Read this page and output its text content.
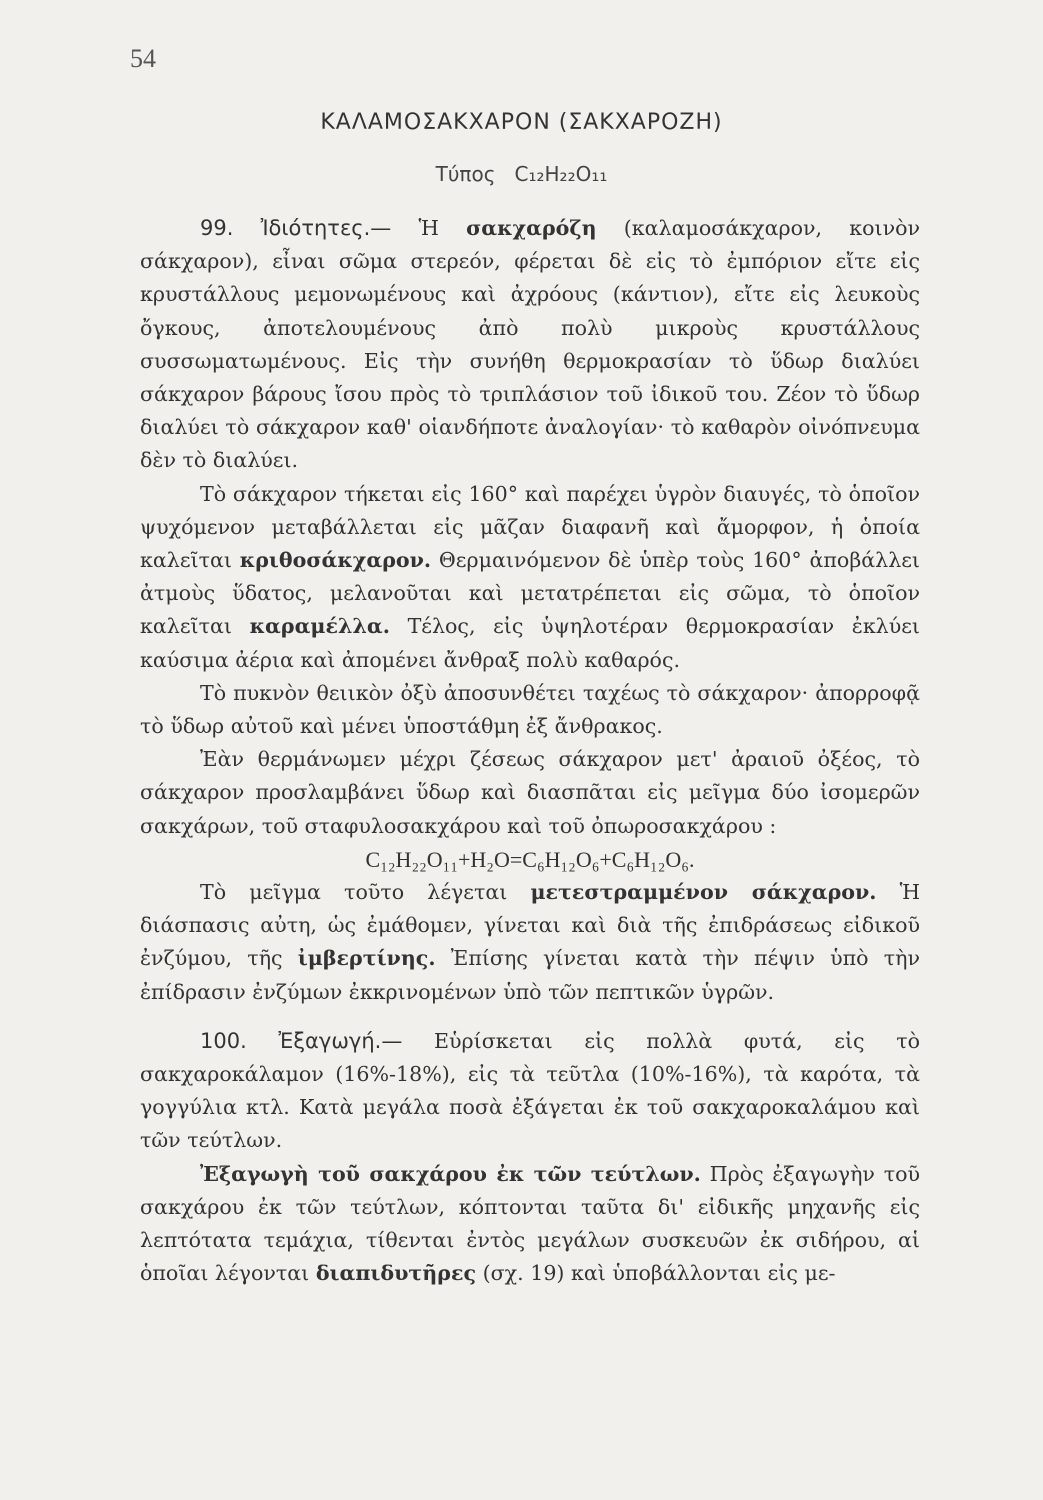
54
ΚΑΛΑΜΟΣΑΚΧΑΡΟΝ (ΣΑΚΧΑΡΟΖΗ)
Τύπος C₁₂H₂₂O₁₁

99. Ἰδιότητες.— Ἡ σακχαρόζη (καλαμοσάκχαρον, κοινὸν σάκχαρον), εἶναι σῶμα στερεόν, φέρεται δὲ εἰς τὸ ἐμπόριον εἴτε εἰς κρυστάλλους μεμονωμένους καὶ ἀχρόους (κάντιον), εἴτε εἰς λευκοὺς ὄγκους, ἀποτελουμένους ἀπὸ πολὺ μικροὺς κρυστάλλους συσσωματωμένους. Εἰς τὴν συνήθη θερμοκρασίαν τὸ ὕδωρ διαλύει σάκχαρον βάρους ἴσου πρὸς τὸ τριπλάσιον τοῦ ἰδικοῦ του. Ζέον τὸ ὕδωρ διαλύει τὸ σάκχαρον καθ' οἱανδήποτε ἀναλογίαν· τὸ καθαρὸν οἰνόπνευμα δὲν τὸ διαλύει.

Τὸ σάκχαρον τήκεται εἰς 160° καὶ παρέχει ὑγρὸν διαυγές, τὸ ὁποῖον ψυχόμενον μεταβάλλεται εἰς μᾶζαν διαφανῆ καὶ ἄμορφον, ἡ ὁποία καλεῖται κριθοσάκχαρον. Θερμαινόμενον δὲ ὑπὲρ τοὺς 160° ἀποβάλλει ἀτμοὺς ὕδατος, μελανοῦται καὶ μετατρέπεται εἰς σῶμα, τὸ ὁποῖον καλεῖται καραμέλλα. Τέλος, εἰς ὑψηλοτέραν θερμοκρασίαν ἐκλύει καύσιμα ἀέρια καὶ ἀπομένει ἄνθραξ πολὺ καθαρός.

Τὸ πυκνὸν θειικὸν ὀξὺ ἀποσυνθέτει ταχέως τὸ σάκχαρον· ἀπορροφᾷ τὸ ὕδωρ αὐτοῦ καὶ μένει ὑποστάθμη ἐξ ἄνθρακος.

Ἐὰν θερμάνωμεν μέχρι ζέσεως σάκχαρον μετ' ἀραιοῦ ὀξέος, τὸ σάκχαρον προσλαμβάνει ὕδωρ καὶ διασπᾶται εἰς μεῖγμα δύο ἰσομερῶν σακχάρων, τοῦ σταφυλοσακχάρου καὶ τοῦ ὀπωροσακχάρου :

C₁₂H₂₂O₁₁+H₂O=C₆H₁₂O₆+C₆H₁₂O₆.

Τὸ μεῖγμα τοῦτο λέγεται μετεστραμμένον σάκχαρον. Ἡ διάσπασις αὐτη, ὡς ἐμάθομεν, γίνεται καὶ διὰ τῆς ἐπιδράσεως εἰδικοῦ ἐνζύμου, τῆς ἰμβερτίνης. Ἐπίσης γίνεται κατὰ τὴν πέψιν ὑπὸ τὴν ἐπίδρασιν ἐνζύμων ἐκκρινομένων ὑπὸ τῶν πεπτικῶν ὑγρῶν.

100. Ἐξαγωγή.— Εὑρίσκεται εἰς πολλὰ φυτά, εἰς τὸ σακχαροκάλαμον (16%-18%), εἰς τὰ τεῦτλα (10%-16%), τὰ καρότα, τὰ γογγύλια κτλ. Κατὰ μεγάλα ποσὰ ἐξάγεται ἐκ τοῦ σακχαροκαλάμου καὶ τῶν τεύτλων.

Ἐξαγωγὴ τοῦ σακχάρου ἐκ τῶν τεύτλων. Πρὸς ἐξαγωγὴν τοῦ σακχάρου ἐκ τῶν τεύτλων, κόπτονται ταῦτα δι' εἰδικῆς μηχανῆς εἰς λεπτότατα τεμάχια, τίθενται ἐντὸς μεγάλων συσκευῶν ἐκ σιδήρου, αἱ ὁποῖαι λέγονται διαπιδυτῆρες (σχ. 19) καὶ ὑποβάλλονται εἰς με-
